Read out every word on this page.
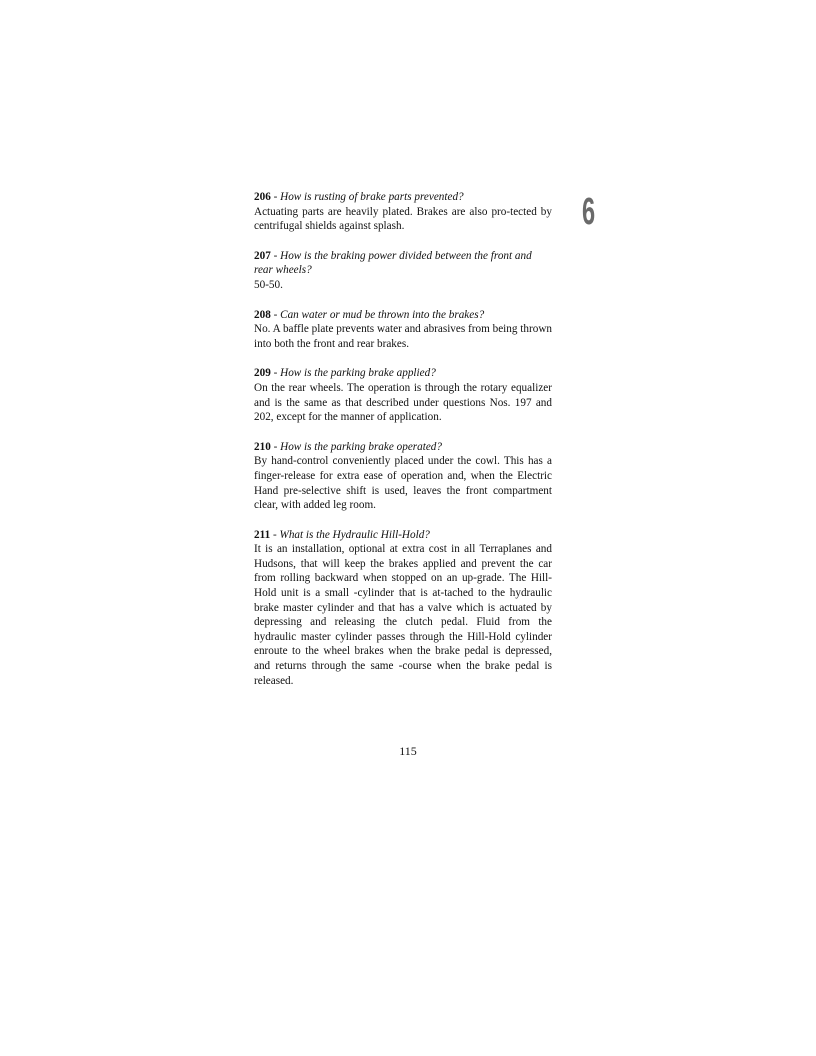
6
206 - How is rusting of brake parts prevented?
Actuating parts are heavily plated. Brakes are also pro-tected by centrifugal shields against splash.
207 - How is the braking power divided between the front and rear wheels?
50-50.
208 - Can water or mud be thrown into the brakes?
No. A baffle plate prevents water and abrasives from being thrown into both the front and rear brakes.
209 - How is the parking brake applied?
On the rear wheels. The operation is through the rotary equalizer and is the same as that described under questions Nos. 197 and 202, except for the manner of application.
210 - How is the parking brake operated?
By hand-control conveniently placed under the cowl. This has a finger-release for extra ease of operation and, when the Electric Hand pre-selective shift is used, leaves the front compartment clear, with added leg room.
211 - What is the Hydraulic Hill-Hold?
It is an installation, optional at extra cost in all Terraplanes and Hudsons, that will keep the brakes applied and prevent the car from rolling backward when stopped on an up-grade. The Hill-Hold unit is a small -cylinder that is at-tached to the hydraulic brake master cylinder and that has a valve which is actuated by depressing and releasing the clutch pedal. Fluid from the hydraulic master cylinder passes through the Hill-Hold cylinder enroute to the wheel brakes when the brake pedal is depressed, and returns through the same -course when the brake pedal is released.
115
